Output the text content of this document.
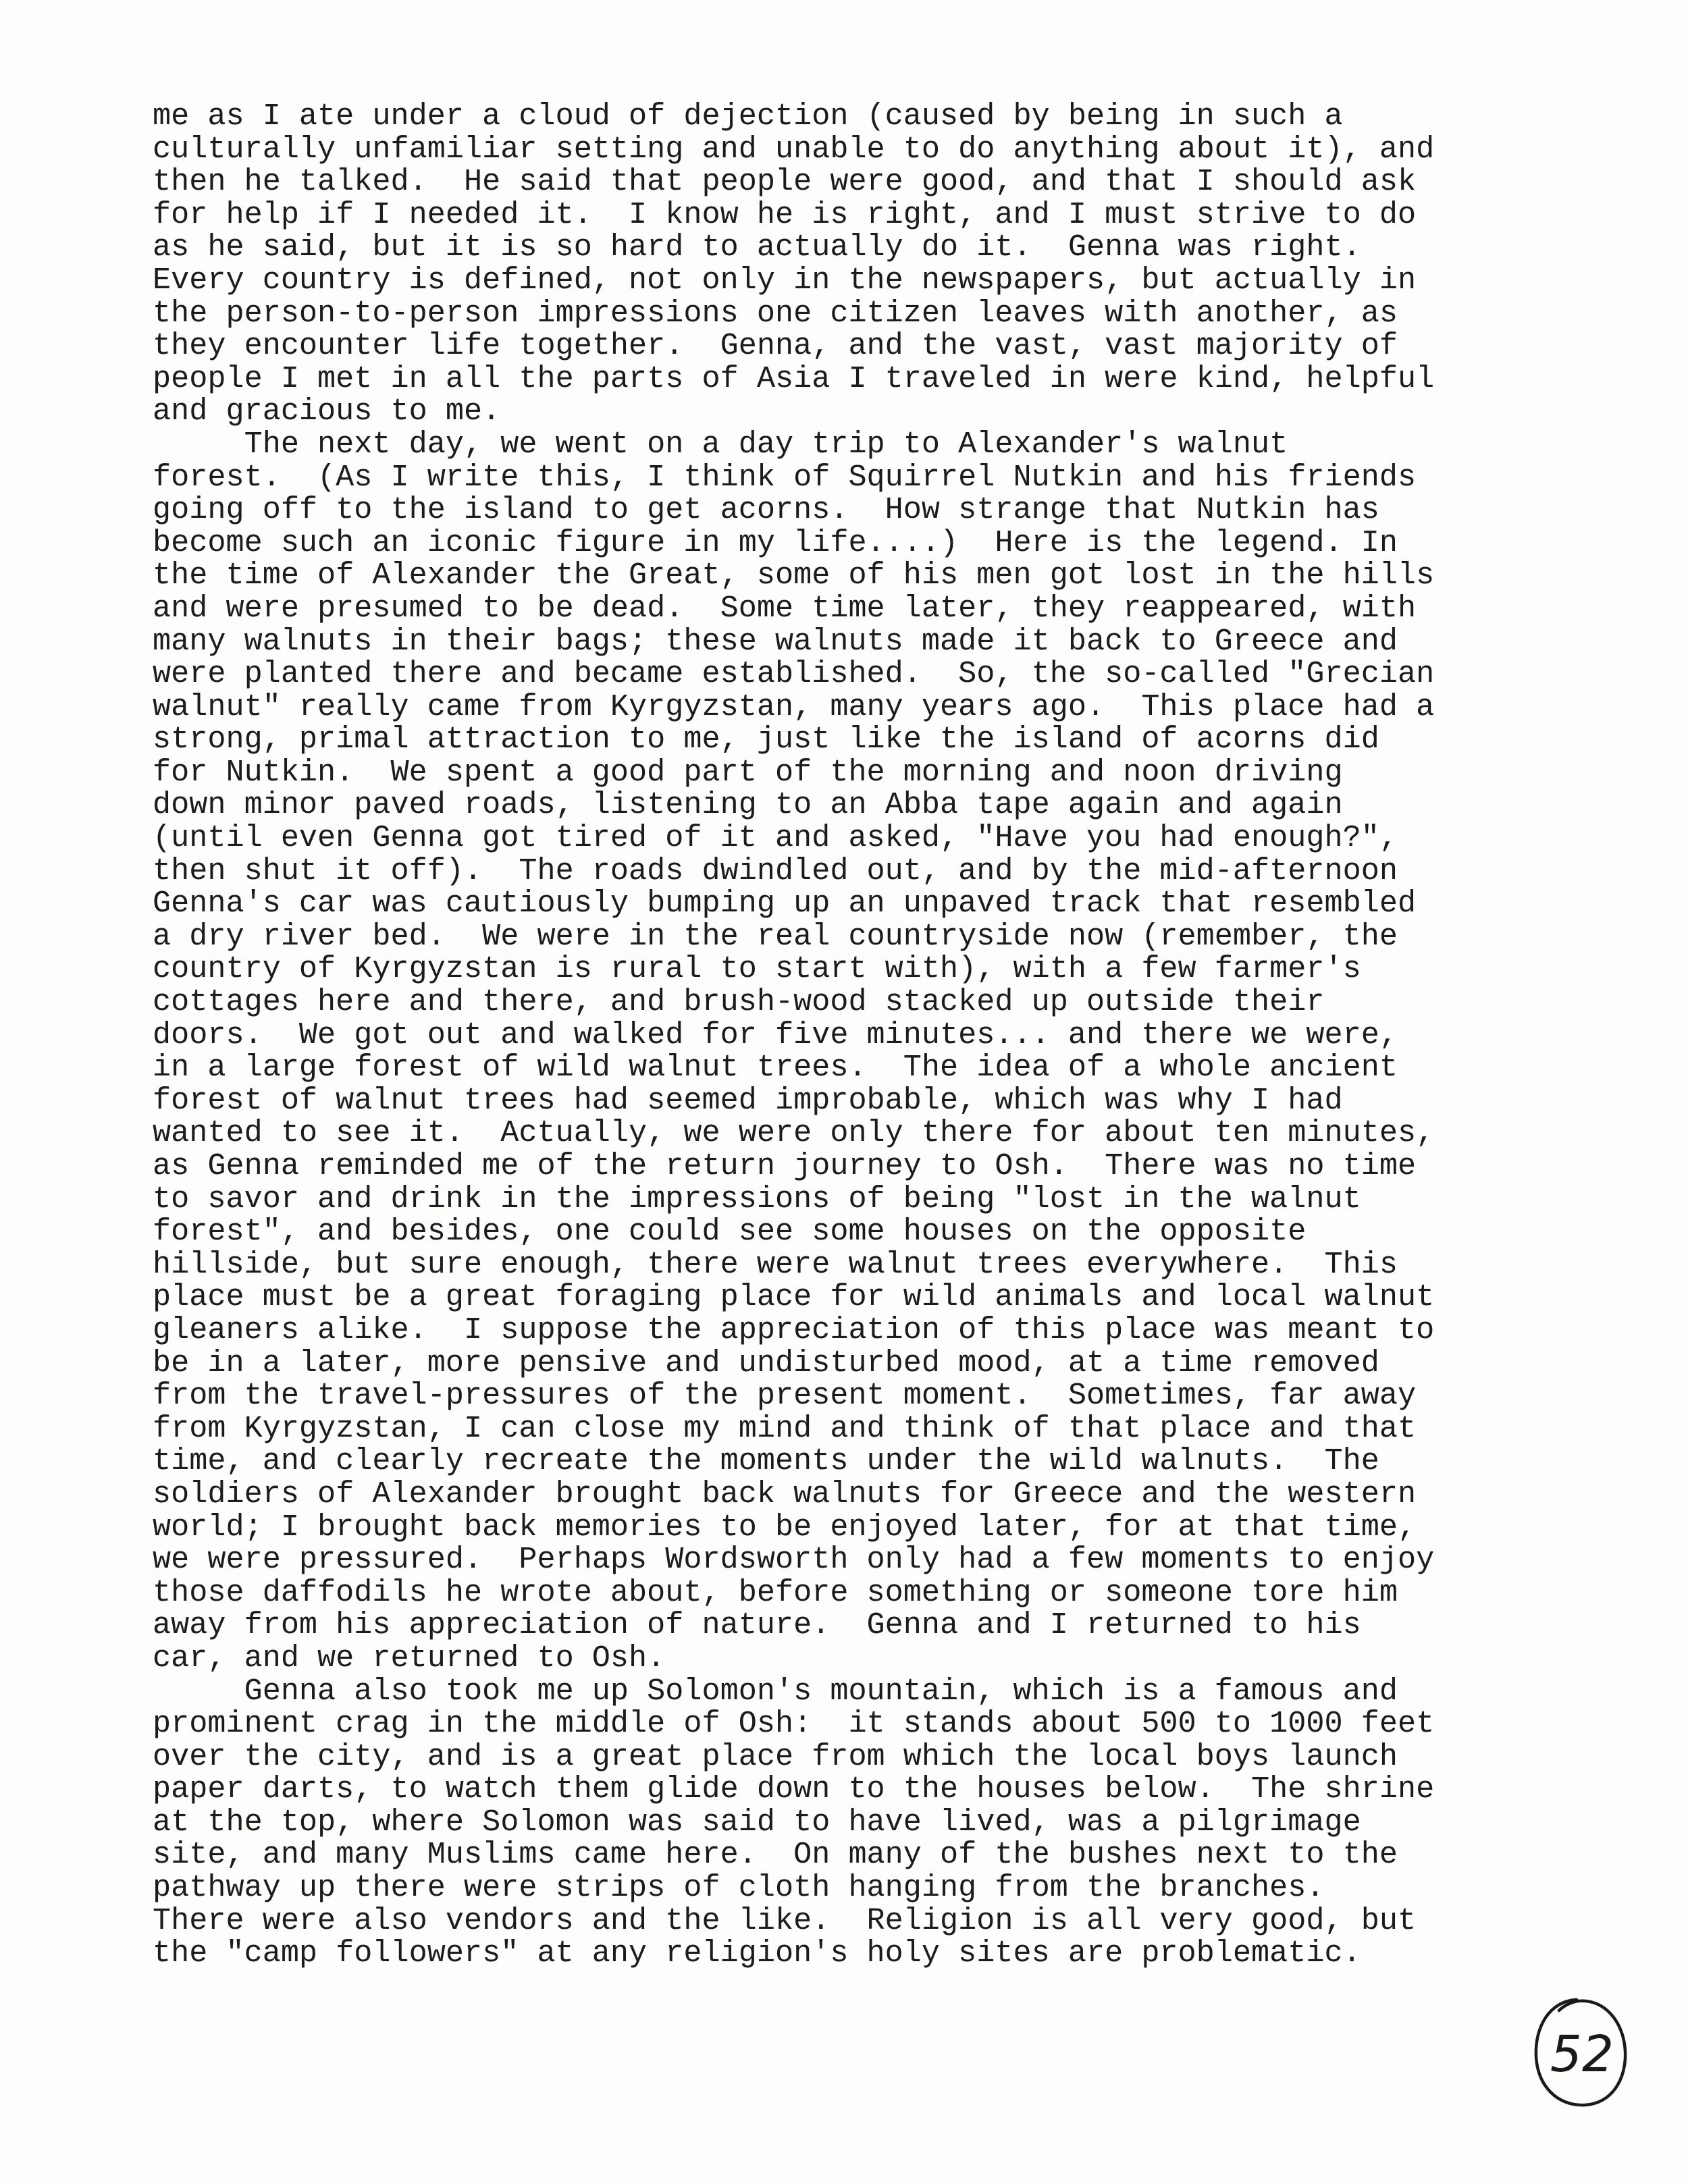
me as I ate under a cloud of dejection (caused by being in such a
culturally unfamiliar setting and unable to do anything about it), and
then he talked.  He said that people were good, and that I should ask
for help if I needed it.  I know he is right, and I must strive to do
as he said, but it is so hard to actually do it.  Genna was right.
Every country is defined, not only in the newspapers, but actually in
the person-to-person impressions one citizen leaves with another, as
they encounter life together.  Genna, and the vast, vast majority of
people I met in all the parts of Asia I traveled in were kind, helpful
and gracious to me.
The next day, we went on a day trip to Alexander's walnut
forest.  (As I write this, I think of Squirrel Nutkin and his friends
going off to the island to get acorns.  How strange that Nutkin has
become such an iconic figure in my life....)  Here is the legend. In
the time of Alexander the Great, some of his men got lost in the hills
and were presumed to be dead.  Some time later, they reappeared, with
many walnuts in their bags; these walnuts made it back to Greece and
were planted there and became established.  So, the so-called "Grecian
walnut" really came from Kyrgyzstan, many years ago.  This place had a
strong, primal attraction to me, just like the island of acorns did
for Nutkin.  We spent a good part of the morning and noon driving
down minor paved roads, listening to an Abba tape again and again
(until even Genna got tired of it and asked, "Have you had enough?",
then shut it off).  The roads dwindled out, and by the mid-afternoon
Genna's car was cautiously bumping up an unpaved track that resembled
a dry river bed.  We were in the real countryside now (remember, the
country of Kyrgyzstan is rural to start with), with a few farmer's
cottages here and there, and brush-wood stacked up outside their
doors.  We got out and walked for five minutes... and there we were,
in a large forest of wild walnut trees.  The idea of a whole ancient
forest of walnut trees had seemed improbable, which was why I had
wanted to see it.  Actually, we were only there for about ten minutes,
as Genna reminded me of the return journey to Osh.  There was no time
to savor and drink in the impressions of being "lost in the walnut
forest", and besides, one could see some houses on the opposite
hillside, but sure enough, there were walnut trees everywhere.  This
place must be a great foraging place for wild animals and local walnut
gleaners alike.  I suppose the appreciation of this place was meant to
be in a later, more pensive and undisturbed mood, at a time removed
from the travel-pressures of the present moment.  Sometimes, far away
from Kyrgyzstan, I can close my mind and think of that place and that
time, and clearly recreate the moments under the wild walnuts.  The
soldiers of Alexander brought back walnuts for Greece and the western
world; I brought back memories to be enjoyed later, for at that time,
we were pressured.  Perhaps Wordsworth only had a few moments to enjoy
those daffodils he wrote about, before something or someone tore him
away from his appreciation of nature.  Genna and I returned to his
car, and we returned to Osh.
Genna also took me up Solomon's mountain, which is a famous and
prominent crag in the middle of Osh:  it stands about 500 to 1000 feet
over the city, and is a great place from which the local boys launch
paper darts, to watch them glide down to the houses below.  The shrine
at the top, where Solomon was said to have lived, was a pilgrimage
site, and many Muslims came here.  On many of the bushes next to the
pathway up there were strips of cloth hanging from the branches.
There were also vendors and the like.  Religion is all very good, but
the "camp followers" at any religion's holy sites are problematic.
52
